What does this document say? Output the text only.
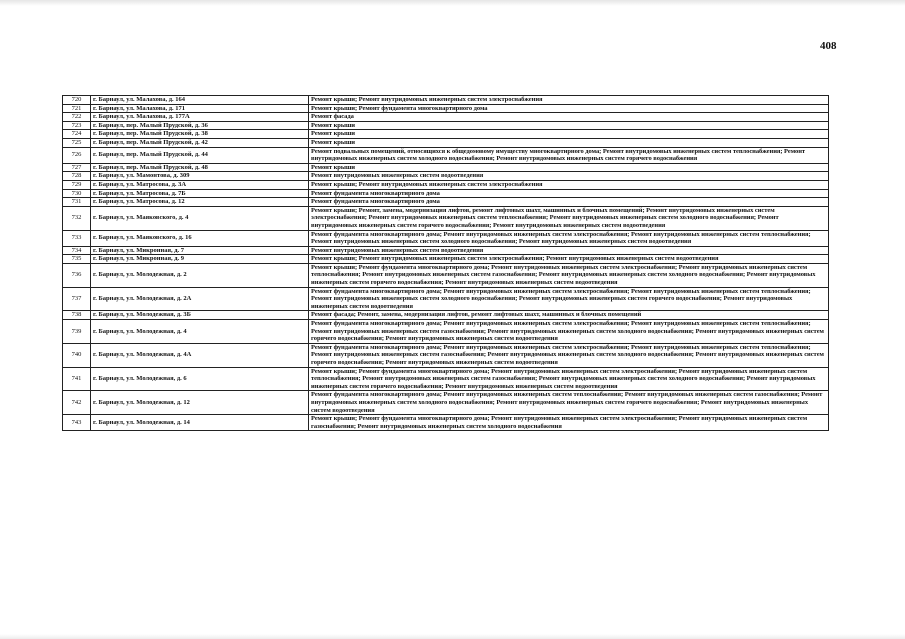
408
720	г. Барнаул, ул. Малахова, д. 164	Ремонт крыши; Ремонт внутридомовых инженерных систем электроснабжения
721	г. Барнаул, ул. Малахова, д. 171	Ремонт крыши; Ремонт фундамента многоквартирного дома
722	г. Барнаул, ул. Малахова, д. 177А	Ремонт фасада
723	г. Барнаул, пер. Малый Прудской, д. 36	Ремонт крыши
724	г. Барнаул, пер. Малый Прудской, д. 38	Ремонт крыши
725	г. Барнаул, пер. Малый Прудской, д. 42	Ремонт крыши
726	г. Барнаул, пер. Малый Прудской, д. 44	Ремонт подвальных помещений, относящихся к общедомовому имуществу многоквартирного дома; Ремонт внутридомовых инженерных систем теплоснабжения; Ремонт внутридомовых инженерных систем холодного водоснабжения; Ремонт внутридомовых инженерных систем горячего водоснабжения
727	г. Барнаул, пер. Малый Прудской, д. 48	Ремонт крыши
728	г. Барнаул, ул. Мамонтова, д. 309	Ремонт внутридомовых инженерных систем водоотведения
729	г. Барнаул, ул. Матросова, д. 3А	Ремонт крыши; Ремонт внутридомовых инженерных систем электроснабжения
730	г. Барнаул, ул. Матросова, д. 7Б	Ремонт фундамента многоквартирного дома
731	г. Барнаул, ул. Матросова, д. 12	Ремонт фундамента многоквартирного дома
732	г. Барнаул, ул. Маяковского, д. 4	Ремонт крыши; Ремонт, замена, модернизация лифтов, ремонт лифтовых шахт, машинных и блочных помещений; Ремонт внутридомовых инженерных систем электроснабжения; Ремонт внутридомовых инженерных систем теплоснабжения; Ремонт внутридомовых инженерных систем холодного водоснабжения; Ремонт внутридомовых инженерных систем горячего водоснабжения; Ремонт внутридомовых инженерных систем водоотведения
733	г. Барнаул, ул. Маяковского, д. 16	Ремонт фундамента многоквартирного дома; Ремонт внутридомовых инженерных систем электроснабжения; Ремонт внутридомовых инженерных систем теплоснабжения; Ремонт внутридомовых инженерных систем холодного водоснабжения; Ремонт внутридомовых инженерных систем водоотведения
734	г. Барнаул, ул. Микронная, д. 7	Ремонт внутридомовых инженерных систем водоотведения
735	г. Барнаул, ул. Микронная, д. 9	Ремонт крыши; Ремонт внутридомовых инженерных систем электроснабжения; Ремонт внутридомовых инженерных систем водоотведения
736	г. Барнаул, ул. Молодежная, д. 2	Ремонт крыши; Ремонт фундамента многоквартирного дома; Ремонт внутридомовых инженерных систем электроснабжения; Ремонт внутридомовых инженерных систем теплоснабжения; Ремонт внутридомовых инженерных систем газоснабжения; Ремонт внутридомовых инженерных систем холодного водоснабжения; Ремонт внутридомовых инженерных систем горячего водоснабжения; Ремонт внутридомовых инженерных систем водоотведения
737	г. Барнаул, ул. Молодежная, д. 2А	Ремонт фундамента многоквартирного дома; Ремонт внутридомовых инженерных систем электроснабжения; Ремонт внутридомовых инженерных систем теплоснабжения; Ремонт внутридомовых инженерных систем холодного водоснабжения; Ремонт внутридомовых инженерных систем горячего водоснабжения; Ремонт внутридомовых инженерных систем водоотведения
738	г. Барнаул, ул. Молодежная, д. 3Б	Ремонт фасада; Ремонт, замена, модернизация лифтов, ремонт лифтовых шахт, машинных и блочных помещений
739	г. Барнаул, ул. Молодежная, д. 4	Ремонт фундамента многоквартирного дома; Ремонт внутридомовых инженерных систем электроснабжения; Ремонт внутридомовых инженерных систем теплоснабжения; Ремонт внутридомовых инженерных систем газоснабжения; Ремонт внутридомовых инженерных систем холодного водоснабжения; Ремонт внутридомовых инженерных систем горячего водоснабжения; Ремонт внутридомовых инженерных систем водоотведения
740	г. Барнаул, ул. Молодежная, д. 4А	Ремонт фундамента многоквартирного дома; Ремонт внутридомовых инженерных систем электроснабжения; Ремонт внутридомовых инженерных систем теплоснабжения; Ремонт внутридомовых инженерных систем газоснабжения; Ремонт внутридомовых инженерных систем холодного водоснабжения; Ремонт внутридомовых инженерных систем горячего водоснабжения; Ремонт внутридомовых инженерных систем водоотведения
741	г. Барнаул, ул. Молодежная, д. 6	Ремонт крыши; Ремонт фундамента многоквартирного дома; Ремонт внутридомовых инженерных систем электроснабжения; Ремонт внутридомовых инженерных систем теплоснабжения; Ремонт внутридомовых инженерных систем газоснабжения; Ремонт внутридомовых инженерных систем холодного водоснабжения; Ремонт внутридомовых инженерных систем горячего водоснабжения; Ремонт внутридомовых инженерных систем водоотведения
742	г. Барнаул, ул. Молодежная, д. 12	Ремонт фундамента многоквартирного дома; Ремонт внутридомовых инженерных систем теплоснабжения; Ремонт внутридомовых инженерных систем газоснабжения; Ремонт внутридомовых инженерных систем холодного водоснабжения; Ремонт внутридомовых инженерных систем горячего водоснабжения; Ремонт внутридомовых инженерных систем водоотведения
743	г. Барнаул, ул. Молодежная, д. 14	Ремонт крыши; Ремонт фундамента многоквартирного дома; Ремонт внутридомовых инженерных систем электроснабжения; Ремонт внутридомовых инженерных систем газоснабжения; Ремонт внутридомовых инженерных систем холодного водоснабжения
